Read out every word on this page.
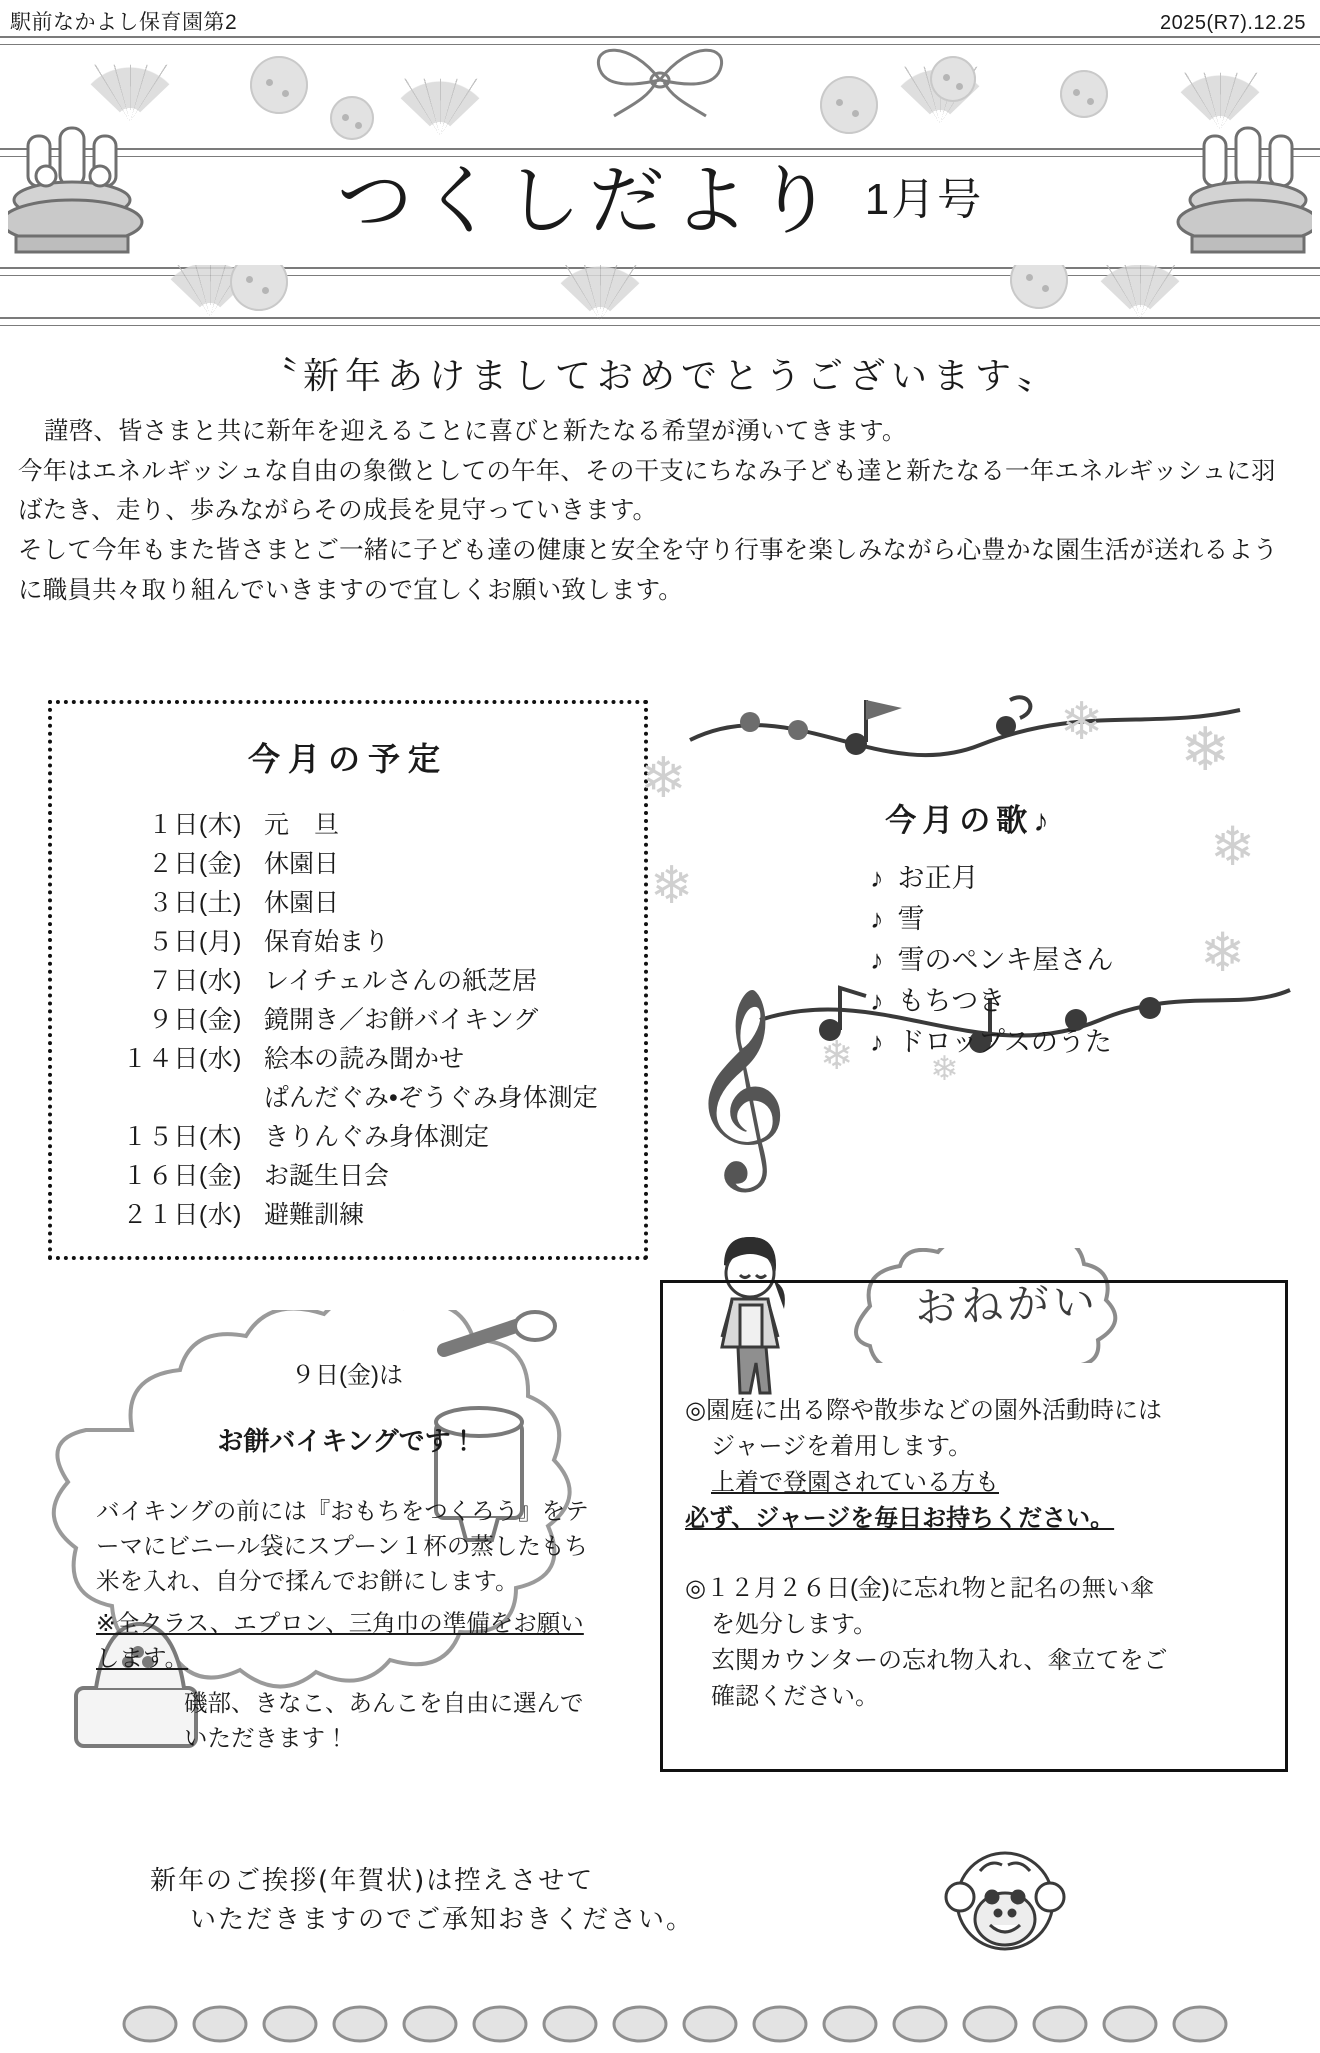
駅前なかよし保育園第2	2025(R7).12.25
つくしだより 1月号
〝新年あけましておめでとうございます〟

謹啓、皆さまと共に新年を迎えることに喜びと新たなる希望が湧いてきます。

今年はエネルギッシュな自由の象徴としての午年、その干支にちなみ子ども達と新たなる一年エネルギッシュに羽ばたき、走り、歩みながらその成長を見守っていきます。

そして今年もまた皆さまとご一緒に子ども達の健康と安全を守り行事を楽しみながら心豊かな園生活が送れるように職員共々取り組んでいきますので宜しくお願い致します。

今月の予定
１日(木) 元　旦
２日(金) 休園日
３日(土) 休園日
５日(月) 保育始まり
７日(水) レイチェルさんの紙芝居
９日(金) 鏡開き／お餅バイキング
１４日(水) 絵本の読み聞かせ
ぱんだぐみ•ぞうぐみ身体測定
１５日(木) きりんぐみ身体測定
１６日(金) お誕生日会
２１日(水) 避難訓練
𝄞
❄ ❄
❄
❄
❄
❄
❄ ❄
今月の歌♪
♪ お正月
♪ 雪
♪ 雪のペンキ屋さん
♪ もちつき
♪ ドロップスのうた
９日(金)は
お餅バイキングです！
バイキングの前には『おもちをつくろう』をテーマにビニール袋にスプーン１杯の蒸したもち米を入れ、自分で揉んでお餅にします。
※全クラス、エプロン、三角巾の準備をお願いします。
磯部、きなこ、あんこを自由に選んでいただきます！
おねがい

◎園庭に出る際や散歩などの園外活動時には
ジャージを着用します。
上着で登園されている方も
必ず、ジャージを毎日お持ちください。

◎１２月２６日(金)に忘れ物と記名の無い傘
を処分します。
玄関カウンターの忘れ物入れ、傘立てをご
確認ください。

新年のご挨拶(年賀状)は控えさせて
いただきますのでご承知おきください。
